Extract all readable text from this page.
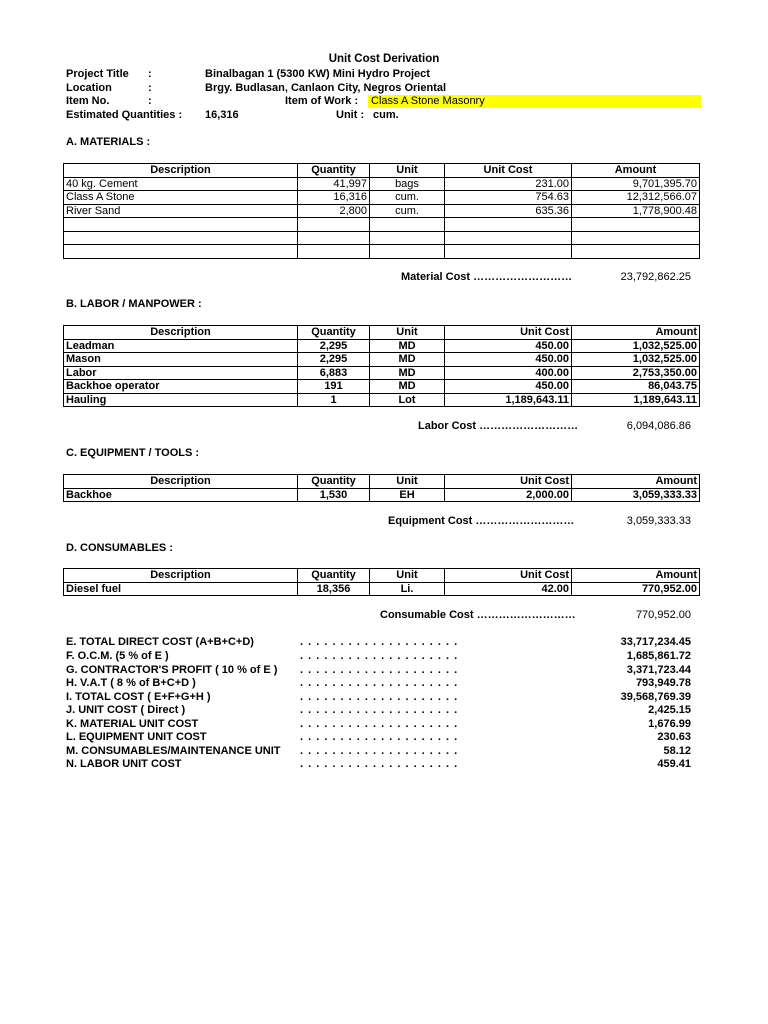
Unit Cost Derivation
Project Title :	Binalbagan 1 (5300 KW) Mini Hydro Project
Location	:	Brgy. Budlasan, Canlaon City, Negros Oriental
Item No.	:	Item of Work : Class A Stone Masonry
Estimated Quantities : 16,316	Unit : cum.
A. MATERIALS :
Description	Quantity	Unit	Unit Cost	Amount
40 kg. Cement	41,997	bags	231.00	9,701,395.70
Class A Stone	16,316	cum.	754.63	12,312,566.07
River Sand	2,800	cum.	635.36	1,778,900.48

Material Cost ………………………	23,792,862.25
B. LABOR / MANPOWER :
Description	Quantity	Unit	Unit Cost	Amount
Leadman	2,295	MD	450.00	1,032,525.00
Mason	2,295	MD	450.00	1,032,525.00
Labor	6,883	MD	400.00	2,753,350.00
Backhoe operator	191	MD	450.00	86,043.75
Hauling	1	Lot	1,189,643.11	1,189,643.11
Labor Cost ………………………	6,094,086.86
C. EQUIPMENT / TOOLS :
Description	Quantity	Unit	Unit Cost	Amount
Backhoe	1,530	EH	2,000.00	3,059,333.33
Equipment Cost ………………………	3,059,333.33
D. CONSUMABLES :
Description	Quantity	Unit	Unit Cost	Amount
Diesel fuel	18,356	Li.	42.00	770,952.00
Consumable Cost ………………………	770,952.00
E. TOTAL DIRECT COST (A+B+C+D)	. . . . . . . . . . . . . . . . . . . .	33,717,234.45
F. O.C.M. (5 % of E )	. . . . . . . . . . . . . . . . . . . .	1,685,861.72
G. CONTRACTOR'S PROFIT ( 10 % of E )	. . . . . . . . . . . . . . . . . . . .	3,371,723.44
H. V.A.T ( 8 % of B+C+D )	. . . . . . . . . . . . . . . . . . . .	793,949.78
I. TOTAL COST ( E+F+G+H )	. . . . . . . . . . . . . . . . . . . .	39,568,769.39
J. UNIT COST ( Direct )	. . . . . . . . . . . . . . . . . . . .	2,425.15
K. MATERIAL UNIT COST	. . . . . . . . . . . . . . . . . . . .	1,676.99
L. EQUIPMENT UNIT COST	. . . . . . . . . . . . . . . . . . . .	230.63
M. CONSUMABLES/MAINTENANCE UNIT	. . . . . . . . . . . . . . . . . . . .	58.12
N. LABOR UNIT COST	. . . . . . . . . . . . . . . . . . . .	459.41
